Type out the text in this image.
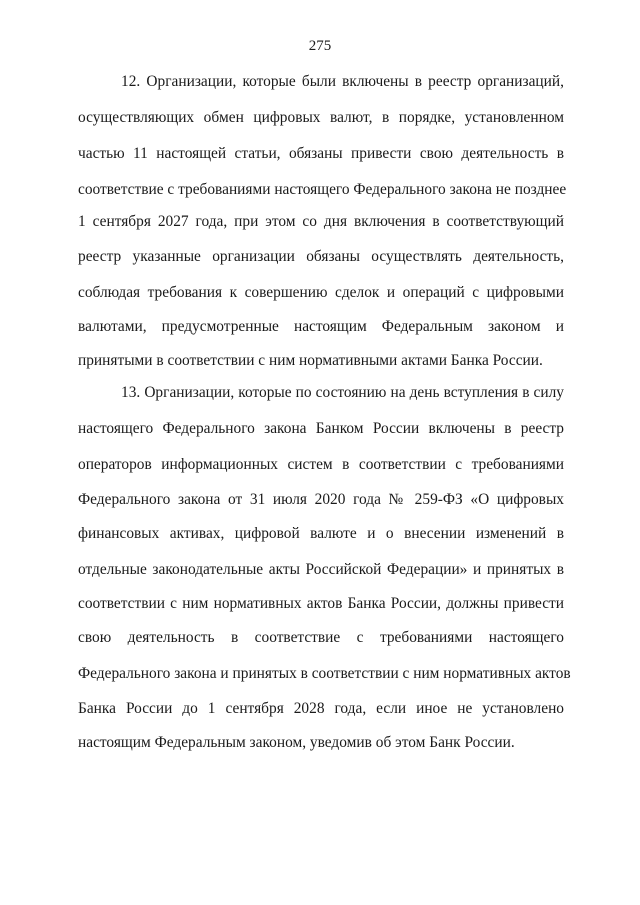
275
12. Организации, которые были включены в реестр организаций,
осуществляющих обмен цифровых валют, в порядке, установленном
частью 11 настоящей статьи, обязаны привести свою деятельность в
соответствие с требованиями настоящего Федерального закона не позднее
1 сентября 2027 года, при этом со дня включения в соответствующий
реестр указанные организации обязаны осуществлять деятельность,
соблюдая требования к совершению сделок и операций с цифровыми
валютами, предусмотренные настоящим Федеральным законом и
принятыми в соответствии с ним нормативными актами Банка России.
13. Организации, которые по состоянию на день вступления в силу
настоящего Федерального закона Банком России включены в реестр
операторов информационных систем в соответствии с требованиями
Федерального закона от 31 июля 2020 года № 259-ФЗ «О цифровых
финансовых активах, цифровой валюте и о внесении изменений в
отдельные законодательные акты Российской Федерации» и принятых в
соответствии с ним нормативных актов Банка России, должны привести
свою деятельность в соответствие с требованиями настоящего
Федерального закона и принятых в соответствии с ним нормативных актов
Банка России до 1 сентября 2028 года, если иное не установлено
настоящим Федеральным законом, уведомив об этом Банк России.
